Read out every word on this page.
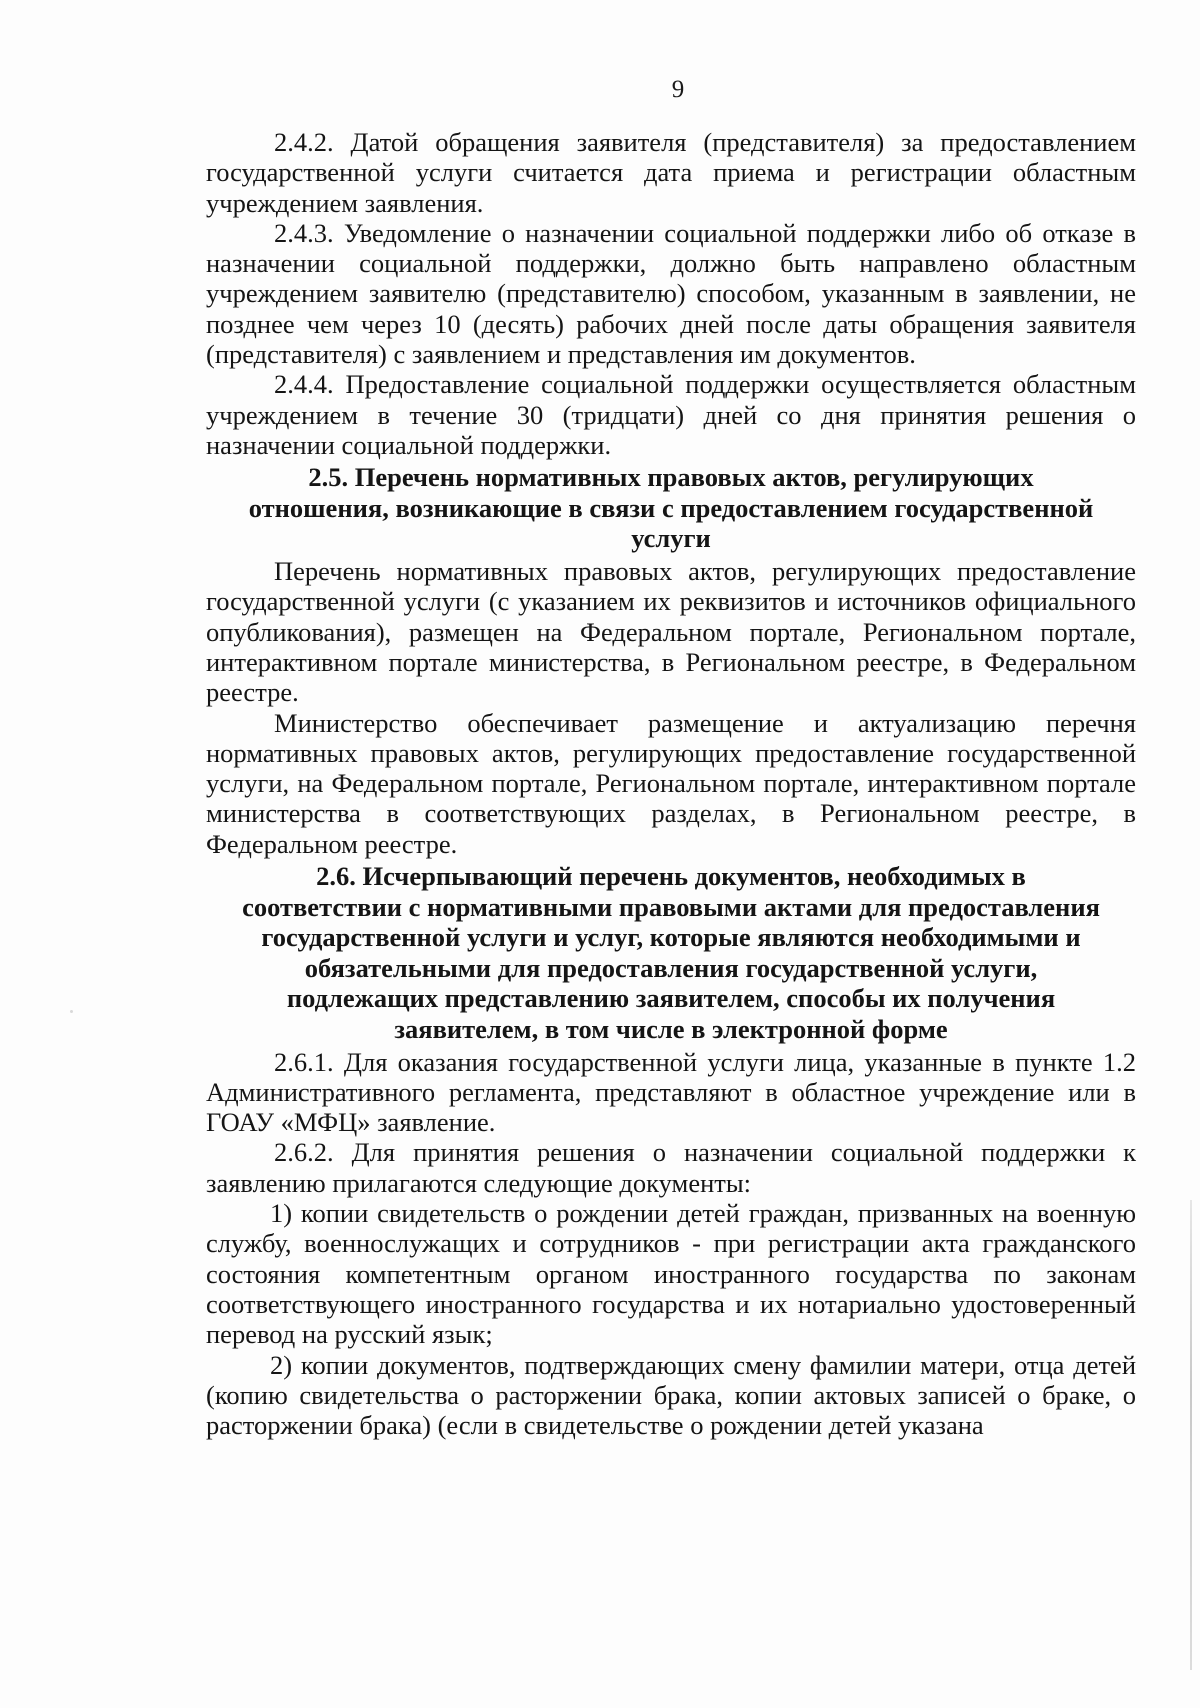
9

2.4.2. Датой обращения заявителя (представителя) за предоставлением государственной услуги считается дата приема и регистрации областным учреждением заявления.

2.4.3. Уведомление о назначении социальной поддержки либо об отказе в назначении социальной поддержки, должно быть направлено областным учреждением заявителю (представителю) способом, указанным в заявлении, не позднее чем через 10 (десять) рабочих дней после даты обращения заявителя (представителя) с заявлением и представления им документов.

2.4.4. Предоставление социальной поддержки осуществляется областным учреждением в течение 30 (тридцати) дней со дня принятия решения о назначении социальной поддержки.

2.5. Перечень нормативных правовых актов, регулирующих отношения, возникающие в связи с предоставлением государственной услуги

Перечень нормативных правовых актов, регулирующих предоставление государственной услуги (с указанием их реквизитов и источников официального опубликования), размещен на Федеральном портале, Региональном портале, интерактивном портале министерства, в Региональном реестре, в Федеральном реестре.

Министерство обеспечивает размещение и актуализацию перечня нормативных правовых актов, регулирующих предоставление государственной услуги, на Федеральном портале, Региональном портале, интерактивном портале министерства в соответствующих разделах, в Региональном реестре, в Федеральном реестре.

2.6. Исчерпывающий перечень документов, необходимых в соответствии с нормативными правовыми актами для предоставления государственной услуги и услуг, которые являются необходимыми и обязательными для предоставления государственной услуги, подлежащих представлению заявителем, способы их получения заявителем, в том числе в электронной форме

2.6.1. Для оказания государственной услуги лица, указанные в пункте 1.2 Административного регламента, представляют в областное учреждение или в ГОАУ «МФЦ» заявление.

2.6.2. Для принятия решения о назначении социальной поддержки к заявлению прилагаются следующие документы:

1) копии свидетельств о рождении детей граждан, призванных на военную службу, военнослужащих и сотрудников - при регистрации акта гражданского состояния компетентным органом иностранного государства по законам соответствующего иностранного государства и их нотариально удостоверенный перевод на русский язык;

2) копии документов, подтверждающих смену фамилии матери, отца детей (копию свидетельства о расторжении брака, копии актовых записей о браке, о расторжении брака) (если в свидетельстве о рождении детей указана
